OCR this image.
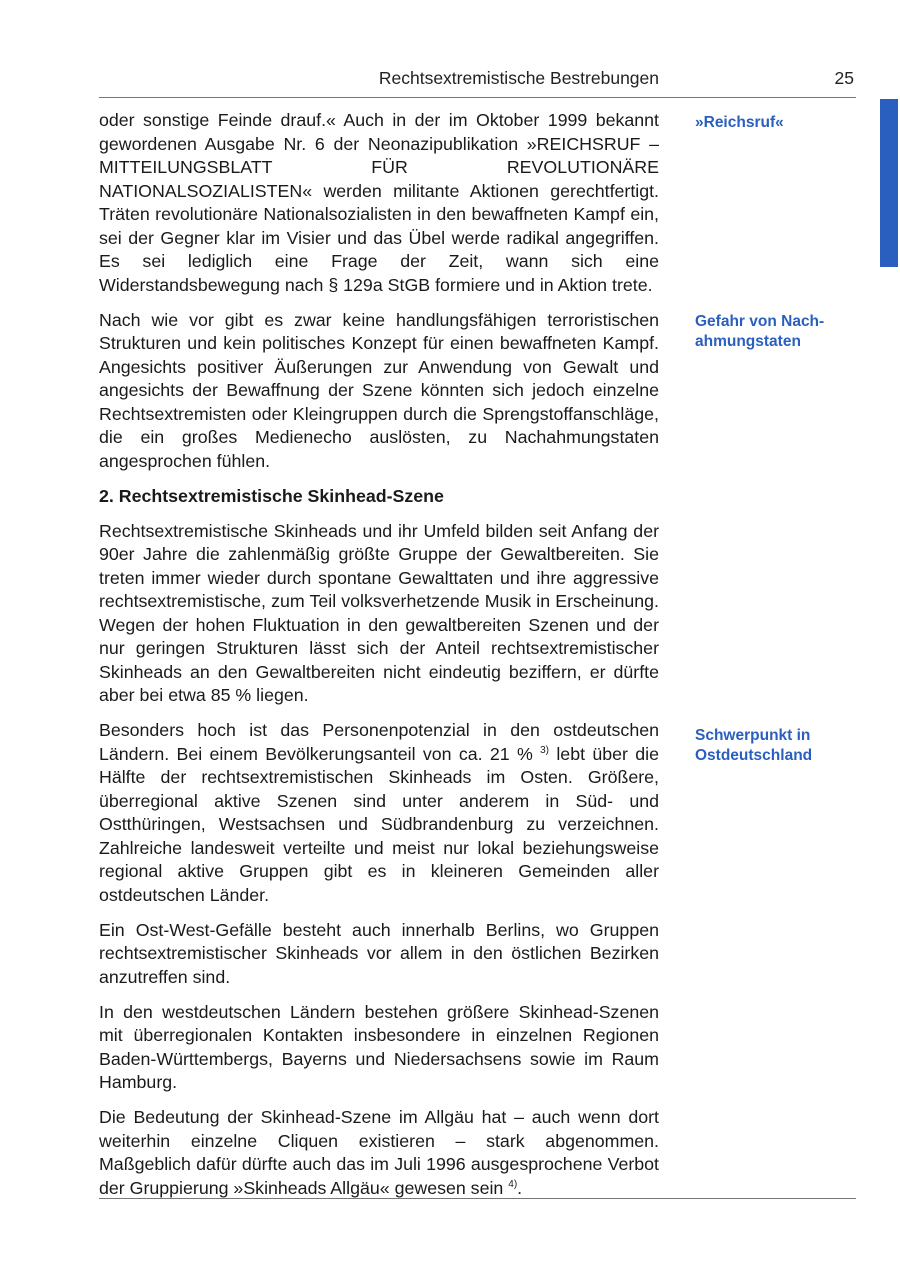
Rechtsextremistische Bestrebungen	25

oder sonstige Feinde drauf.« Auch in der im Oktober 1999 bekannt gewordenen Ausgabe Nr. 6 der Neonazipublikation »REICHSRUF – MITTEILUNGSBLATT FÜR REVOLUTIONÄRE NATIONALSOZIALISTEN« werden militante Aktionen gerechtfertigt. Träten revolutionäre Nationalsozialisten in den bewaffneten Kampf ein, sei der Gegner klar im Visier und das Übel werde radikal angegriffen. Es sei lediglich eine Frage der Zeit, wann sich eine Widerstandsbewegung nach § 129a StGB formiere und in Aktion trete.

Nach wie vor gibt es zwar keine handlungsfähigen terroristischen Strukturen und kein politisches Konzept für einen bewaffneten Kampf. Angesichts positiver Äußerungen zur Anwendung von Gewalt und angesichts der Bewaffnung der Szene könnten sich jedoch einzelne Rechtsextremisten oder Kleingruppen durch die Sprengstoffanschläge, die ein großes Medienecho auslösten, zu Nachahmungstaten angesprochen fühlen.

2. Rechtsextremistische Skinhead-Szene

Rechtsextremistische Skinheads und ihr Umfeld bilden seit Anfang der 90er Jahre die zahlenmäßig größte Gruppe der Gewaltbereiten. Sie treten immer wieder durch spontane Gewalttaten und ihre aggressive rechtsextremistische, zum Teil volksverhetzende Musik in Erscheinung. Wegen der hohen Fluktuation in den gewaltbereiten Szenen und der nur geringen Strukturen lässt sich der Anteil rechtsextremistischer Skinheads an den Gewaltbereiten nicht eindeutig beziffern, er dürfte aber bei etwa 85 % liegen.

Besonders hoch ist das Personenpotenzial in den ostdeutschen Ländern. Bei einem Bevölkerungsanteil von ca. 21 % $^{3)}$ lebt über die Hälfte der rechtsextremistischen Skinheads im Osten. Größere, überregional aktive Szenen sind unter anderem in Süd- und Ostthüringen, Westsachsen und Südbrandenburg zu verzeichnen. Zahlreiche landesweit verteilte und meist nur lokal beziehungsweise regional aktive Gruppen gibt es in kleineren Gemeinden aller ostdeutschen Länder.

Ein Ost-West-Gefälle besteht auch innerhalb Berlins, wo Gruppen rechtsextremistischer Skinheads vor allem in den östlichen Bezirken anzutreffen sind.

In den westdeutschen Ländern bestehen größere Skinhead-Szenen mit überregionalen Kontakten insbesondere in einzelnen Regionen Baden-Württembergs, Bayerns und Niedersachsens sowie im Raum Hamburg.

Die Bedeutung der Skinhead-Szene im Allgäu hat – auch wenn dort weiterhin einzelne Cliquen existieren – stark abgenommen. Maßgeblich dafür dürfte auch das im Juli 1996 ausgesprochene Verbot der Gruppierung »Skinheads Allgäu« gewesen sein $^{4)}$.

»Reichsruf«
Gefahr von Nach-ahmungstaten
Schwerpunkt in Ostdeutschland
